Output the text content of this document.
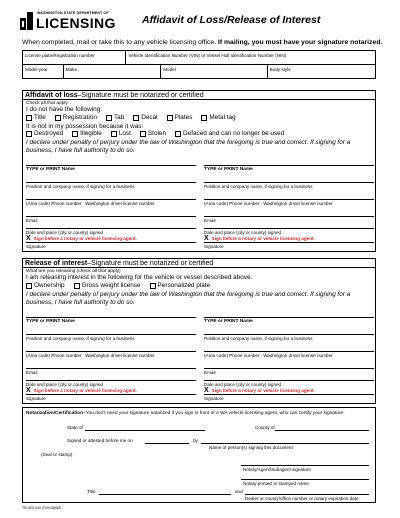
WASHINGTON STATE DEPARTMENT OF
LICENSING Affidavit of Loss/Release of Interest
When completed, mail or take this to any vehicle licensing office. If mailing, you must have your signature notarized.
License plate/Registration number	Vehicle Identification Number (VIN) or Vessel Hull Identification Number (HIN)
Model year	Make	Model	Body style
Affidavit of loss–Signature must be notarized or certified
Check all that apply
I do not have the following:
Title	Registration	Tab	Decal	Plates	Metal tag
It is not in my possession because it was:
Destroyed	Illegible	Lost	Stolen	Defaced and can no longer be used
I declare under penalty of perjury under the law of Washington that the foregoing is true and correct. If signing for a business, I have full authority to do so.
TYPE or PRINT Name	TYPE or PRINT Name
Position and company name, if signing for a business	Position and company name, if signing for a business
(Area code) Phone number Washington driver license number	(Area code) Phone number Washington driver license number
Email	Email
Date and place (city or county) signed
X Sign before a notary or vehicle licensing agent.
Signature
Date and place (city or county) signed
X Sign before a notary or vehicle licensing agent.
Signature
Release of interest–Signature must be notarized or certified
What are you releasing (check all that apply)
I am releasing interest in the following for the vehicle or vessel described above.
Ownership	Gross weight license	Personalized plate
I declare under penalty of perjury under the law of Washington that the foregoing is true and correct. If signing for a business, I have full authority to do so.
TYPE or PRINT Name	TYPE or PRINT Name
Position and company name, if signing for a business	Position and company name, if signing for a business
(Area code) Phone number Washington driver license number	(Area code) Phone number Washington driver license number
Email	Email
Date and place (city or county) signed
X Sign before a notary or vehicle licensing agent.
Signature
Date and place (city or county) signed
X Sign before a notary or vehicle licensing agent.
Signature
Notarization/Certification–You don’t need your signature notarized if you sign in front of a WA vehicle licensing agent, who can certify your signature.
State of	County of
Signed or attested before me on	by
Name of person(s) signing this document
(Seal or stamp)
Notary/Agent/Subagent signature
Notary printed or stamped name
Title	and
Dealer or county/office number or notary expiration date
TD-420-040 (R/9/18)WA
